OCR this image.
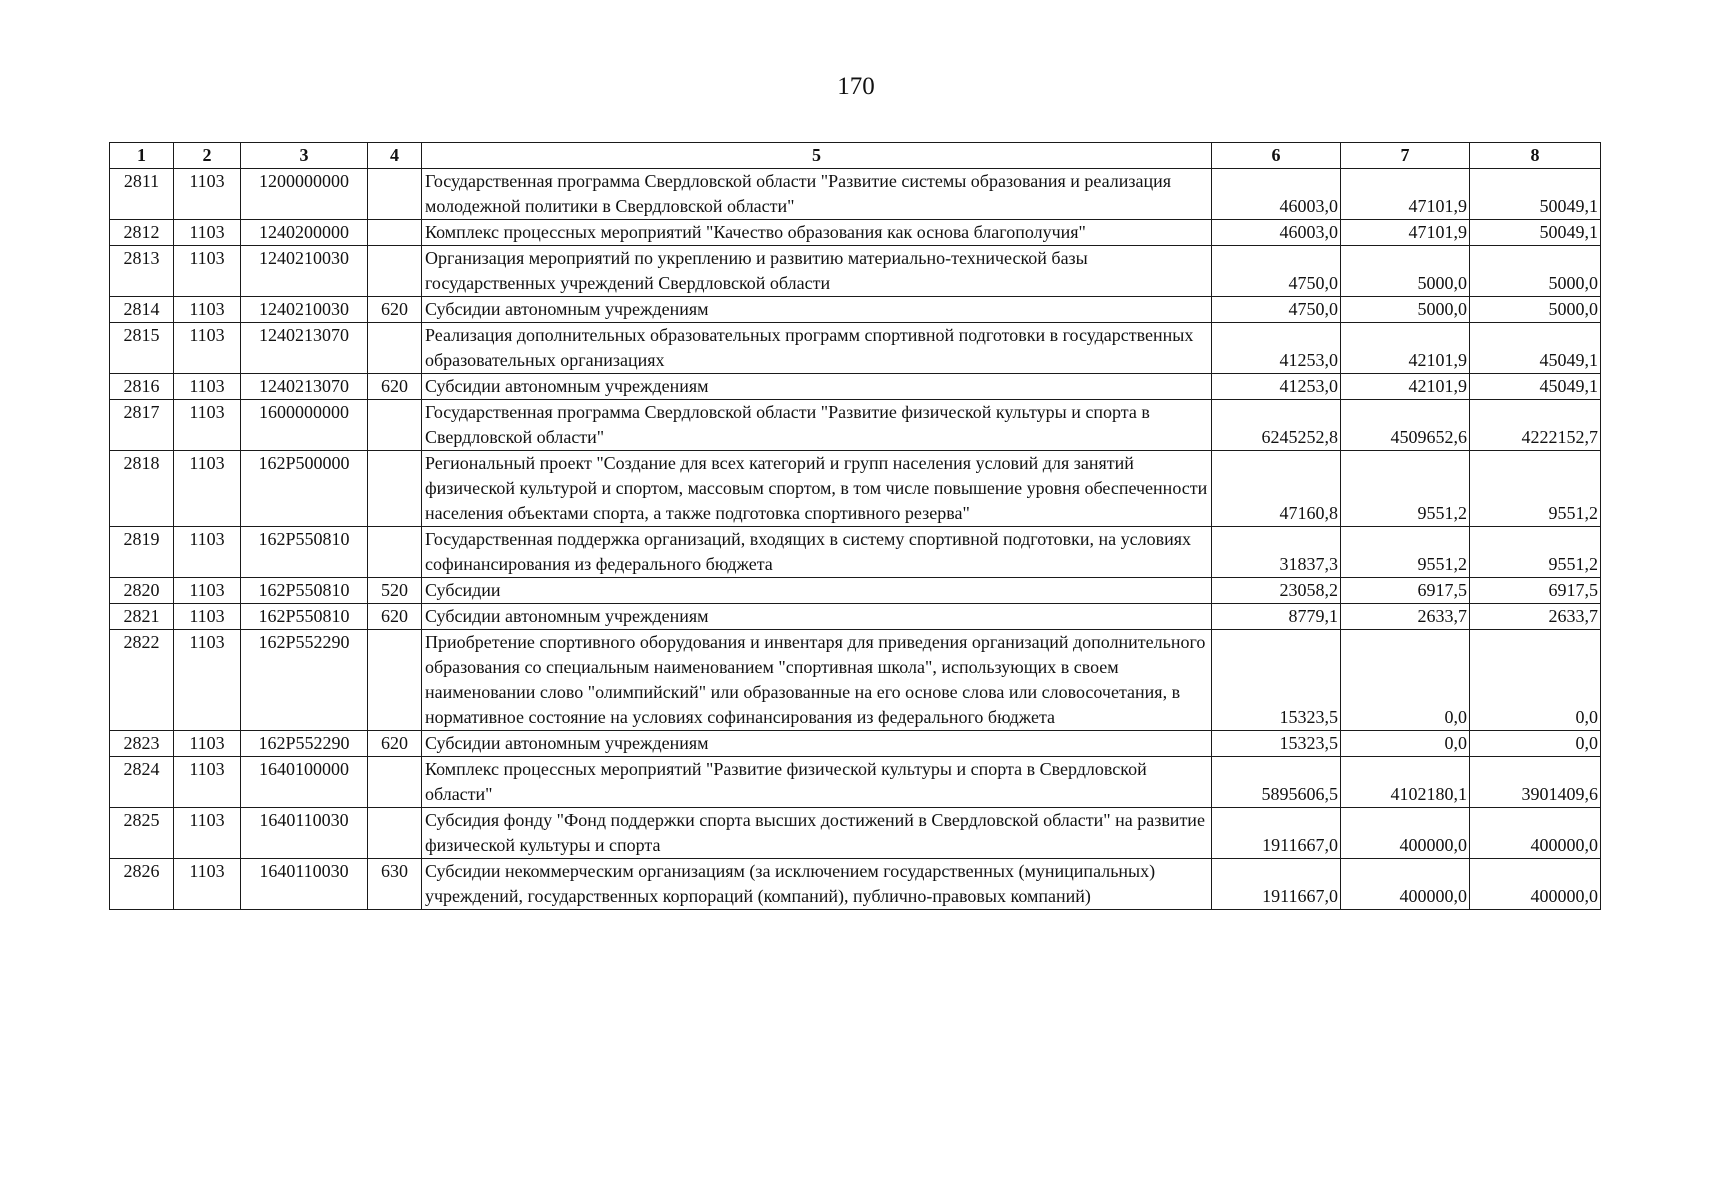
170
1	2	3	4	5	6	7	8
2811	1103	1200000000		Государственная программа Свердловской области "Развитие системы образования и реализация молодежной политики в Свердловской области"	46003,0	47101,9	50049,1
2812	1103	1240200000		Комплекс процессных мероприятий "Качество образования как основа благополучия"	46003,0	47101,9	50049,1
2813	1103	1240210030		Организация мероприятий по укреплению и развитию материально-технической базы государственных учреждений Свердловской области	4750,0	5000,0	5000,0
2814	1103	1240210030	620	Субсидии автономным учреждениям	4750,0	5000,0	5000,0
2815	1103	1240213070		Реализация дополнительных образовательных программ спортивной подготовки в государственных образовательных организациях	41253,0	42101,9	45049,1
2816	1103	1240213070	620	Субсидии автономным учреждениям	41253,0	42101,9	45049,1
2817	1103	1600000000		Государственная программа Свердловской области "Развитие физической культуры и спорта в Свердловской области"	6245252,8	4509652,6	4222152,7
2818	1103	162P500000		Региональный проект "Создание для всех категорий и групп населения условий для занятий физической культурой и спортом, массовым спортом, в том числе повышение уровня обеспеченности населения объектами спорта, а также подготовка спортивного резерва"	47160,8	9551,2	9551,2
2819	1103	162P550810		Государственная поддержка организаций, входящих в систему спортивной подготовки, на условиях софинансирования из федерального бюджета	31837,3	9551,2	9551,2
2820	1103	162P550810	520	Субсидии	23058,2	6917,5	6917,5
2821	1103	162P550810	620	Субсидии автономным учреждениям	8779,1	2633,7	2633,7
2822	1103	162P552290		Приобретение спортивного оборудования и инвентаря для приведения организаций дополнительного образования со специальным наименованием "спортивная школа", использующих в своем наименовании слово "олимпийский" или образованные на его основе слова или словосочетания, в нормативное состояние на условиях софинансирования из федерального бюджета	15323,5	0,0	0,0
2823	1103	162P552290	620	Субсидии автономным учреждениям	15323,5	0,0	0,0
2824	1103	1640100000		Комплекс процессных мероприятий "Развитие физической культуры и спорта в Свердловской области"	5895606,5	4102180,1	3901409,6
2825	1103	1640110030		Субсидия фонду "Фонд поддержки спорта высших достижений в Свердловской области" на развитие физической культуры и спорта	1911667,0	400000,0	400000,0
2826	1103	1640110030	630	Субсидии некоммерческим организациям (за исключением государственных (муниципальных) учреждений, государственных корпораций (компаний), публично-правовых компаний)	1911667,0	400000,0	400000,0
